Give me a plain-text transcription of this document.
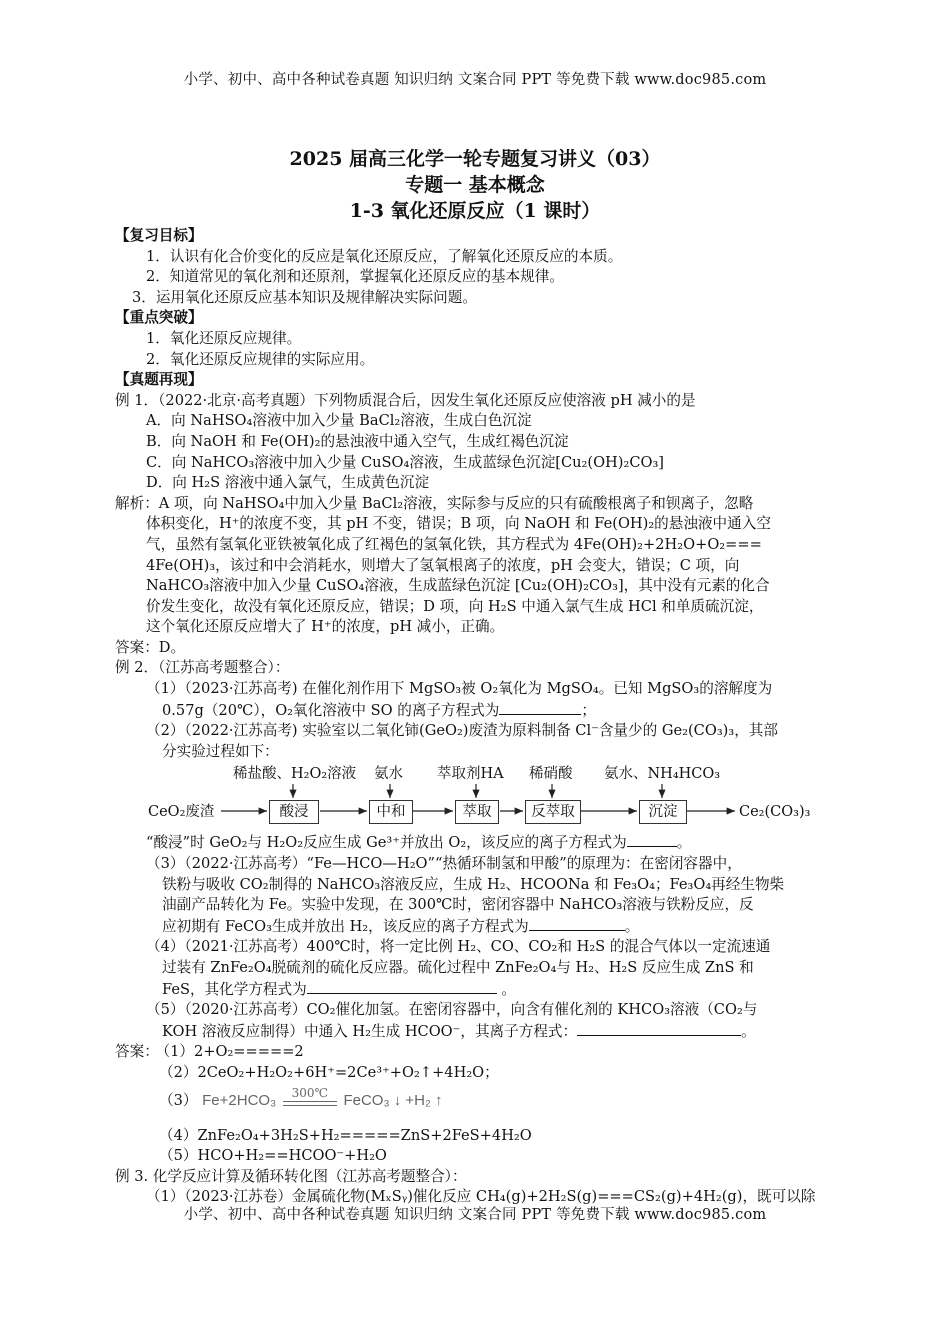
小学、初中、高中各种试卷真题 知识归纳 文案合同 PPT 等免费下载 www.doc985.com
2025 届高三化学一轮专题复习讲义（03）
专题一 基本概念
1-3 氧化还原反应（1 课时）
【复习目标】
1．认识有化合价变化的反应是氧化还原反应，了解氧化还原反应的本质。
2．知道常见的氧化剂和还原剂，掌握氧化还原反应的基本规律。
3．运用氧化还原反应基本知识及规律解决实际问题。
【重点突破】
1．氧化还原反应规律。
2．氧化还原反应规律的实际应用。
【真题再现】
例 1．（2022·北京·高考真题）下列物质混合后，因发生氧化还原反应使溶液 pH 减小的是
A．向 NaHSO₄溶液中加入少量 BaCl₂溶液，生成白色沉淀
B．向 NaOH 和 Fe(OH)₂的悬浊液中通入空气，生成红褐色沉淀
C．向 NaHCO₃溶液中加入少量 CuSO₄溶液，生成蓝绿色沉淀[Cu₂(OH)₂CO₃]
D．向 H₂S 溶液中通入氯气，生成黄色沉淀
解析：A 项，向 NaHSO₄中加入少量 BaCl₂溶液，实际参与反应的只有硫酸根离子和钡离子，忽略
体积变化，H⁺的浓度不变，其 pH 不变，错误；B 项，向 NaOH 和 Fe(OH)₂的悬浊液中通入空
气，虽然有氢氧化亚铁被氧化成了红褐色的氢氧化铁，其方程式为 4Fe(OH)₂+2H₂O+O₂===
4Fe(OH)₃，该过和中会消耗水，则增大了氢氧根离子的浓度，pH 会变大，错误；C 项，向
NaHCO₃溶液中加入少量 CuSO₄溶液，生成蓝绿色沉淀 [Cu₂(OH)₂CO₃]，其中没有元素的化合
价发生变化，故没有氧化还原反应，错误；D 项，向 H₂S 中通入氯气生成 HCl 和单质硫沉淀，
这个氧化还原反应增大了 H⁺的浓度，pH 减小，正确。
答案：D。
例 2．（江苏高考题整合）：
（1）（2023·江苏高考) 在催化剂作用下 MgSO₃被 O₂氧化为 MgSO₄。已知 MgSO₃的溶解度为
0.57g（20℃），O₂氧化溶液中 SO 的离子方程式为	；
（2）（2022·江苏高考) 实验室以二氧化铈(GeO₂)废渣为原料制备 Cl⁻含量少的 Ge₂(CO₃)₃，其部
分实验过程如下：
稀盐酸、H₂O₂溶液 氨水 萃取剂HA 稀硝酸 氨水、NH₄HCO₃
CeO₂废渣	酸浸	中和	萃取	反萃取	沉淀	Ce₂(CO₃)₃
“酸浸”时 GeO₂与 H₂O₂反应生成 Ge³⁺并放出 O₂，该反应的离子方程式为	。
（3）（2022·江苏高考）“Fe—HCO—H₂O”“热循环制氢和甲酸”的原理为：在密闭容器中，
铁粉与吸收 CO₂制得的 NaHCO₃溶液反应，生成 H₂、HCOONa 和 Fe₃O₄；Fe₃O₄再经生物柴
油副产品转化为 Fe。实验中发现，在 300℃时，密闭容器中 NaHCO₃溶液与铁粉反应，反
应初期有 FeCO₃生成并放出 H₂，该反应的离子方程式为	。
（4）（2021·江苏高考）400℃时，将一定比例 H₂、CO、CO₂和 H₂S 的混合气体以一定流速通
过装有 ZnFe₂O₄脱硫剂的硫化反应器。硫化过程中 ZnFe₂O₄与 H₂、H₂S 反应生成 ZnS 和
FeS，其化学方程式为	。
（5）（2020·江苏高考）CO₂催化加氢。在密闭容器中，向含有催化剂的 KHCO₃溶液（CO₂与
KOH 溶液反应制得）中通入 H₂生成 HCOO⁻，其离子方程式：	。
答案： （1）2+O₂=====2
（2）2CeO₂+H₂O₂+6H⁺=2Ce³⁺+O₂↑+4H₂O；
（3） Fe+2HCO₃	300℃	FeCO₃ ↓ +H₂ ↑
（4）ZnFe₂O₄+3H₂S+H₂=====ZnS+2FeS+4H₂O
（5）HCO+H₂==HCOO⁻+H₂O
例 3. 化学反应计算及循环转化图（江苏高考题整合）：
（1）（2023·江苏卷）金属硫化物(MₓSᵧ)催化反应 CH₄(g)+2H₂S(g)===CS₂(g)+4H₂(g)，既可以除
小学、初中、高中各种试卷真题 知识归纳 文案合同 PPT 等免费下载 www.doc985.com
